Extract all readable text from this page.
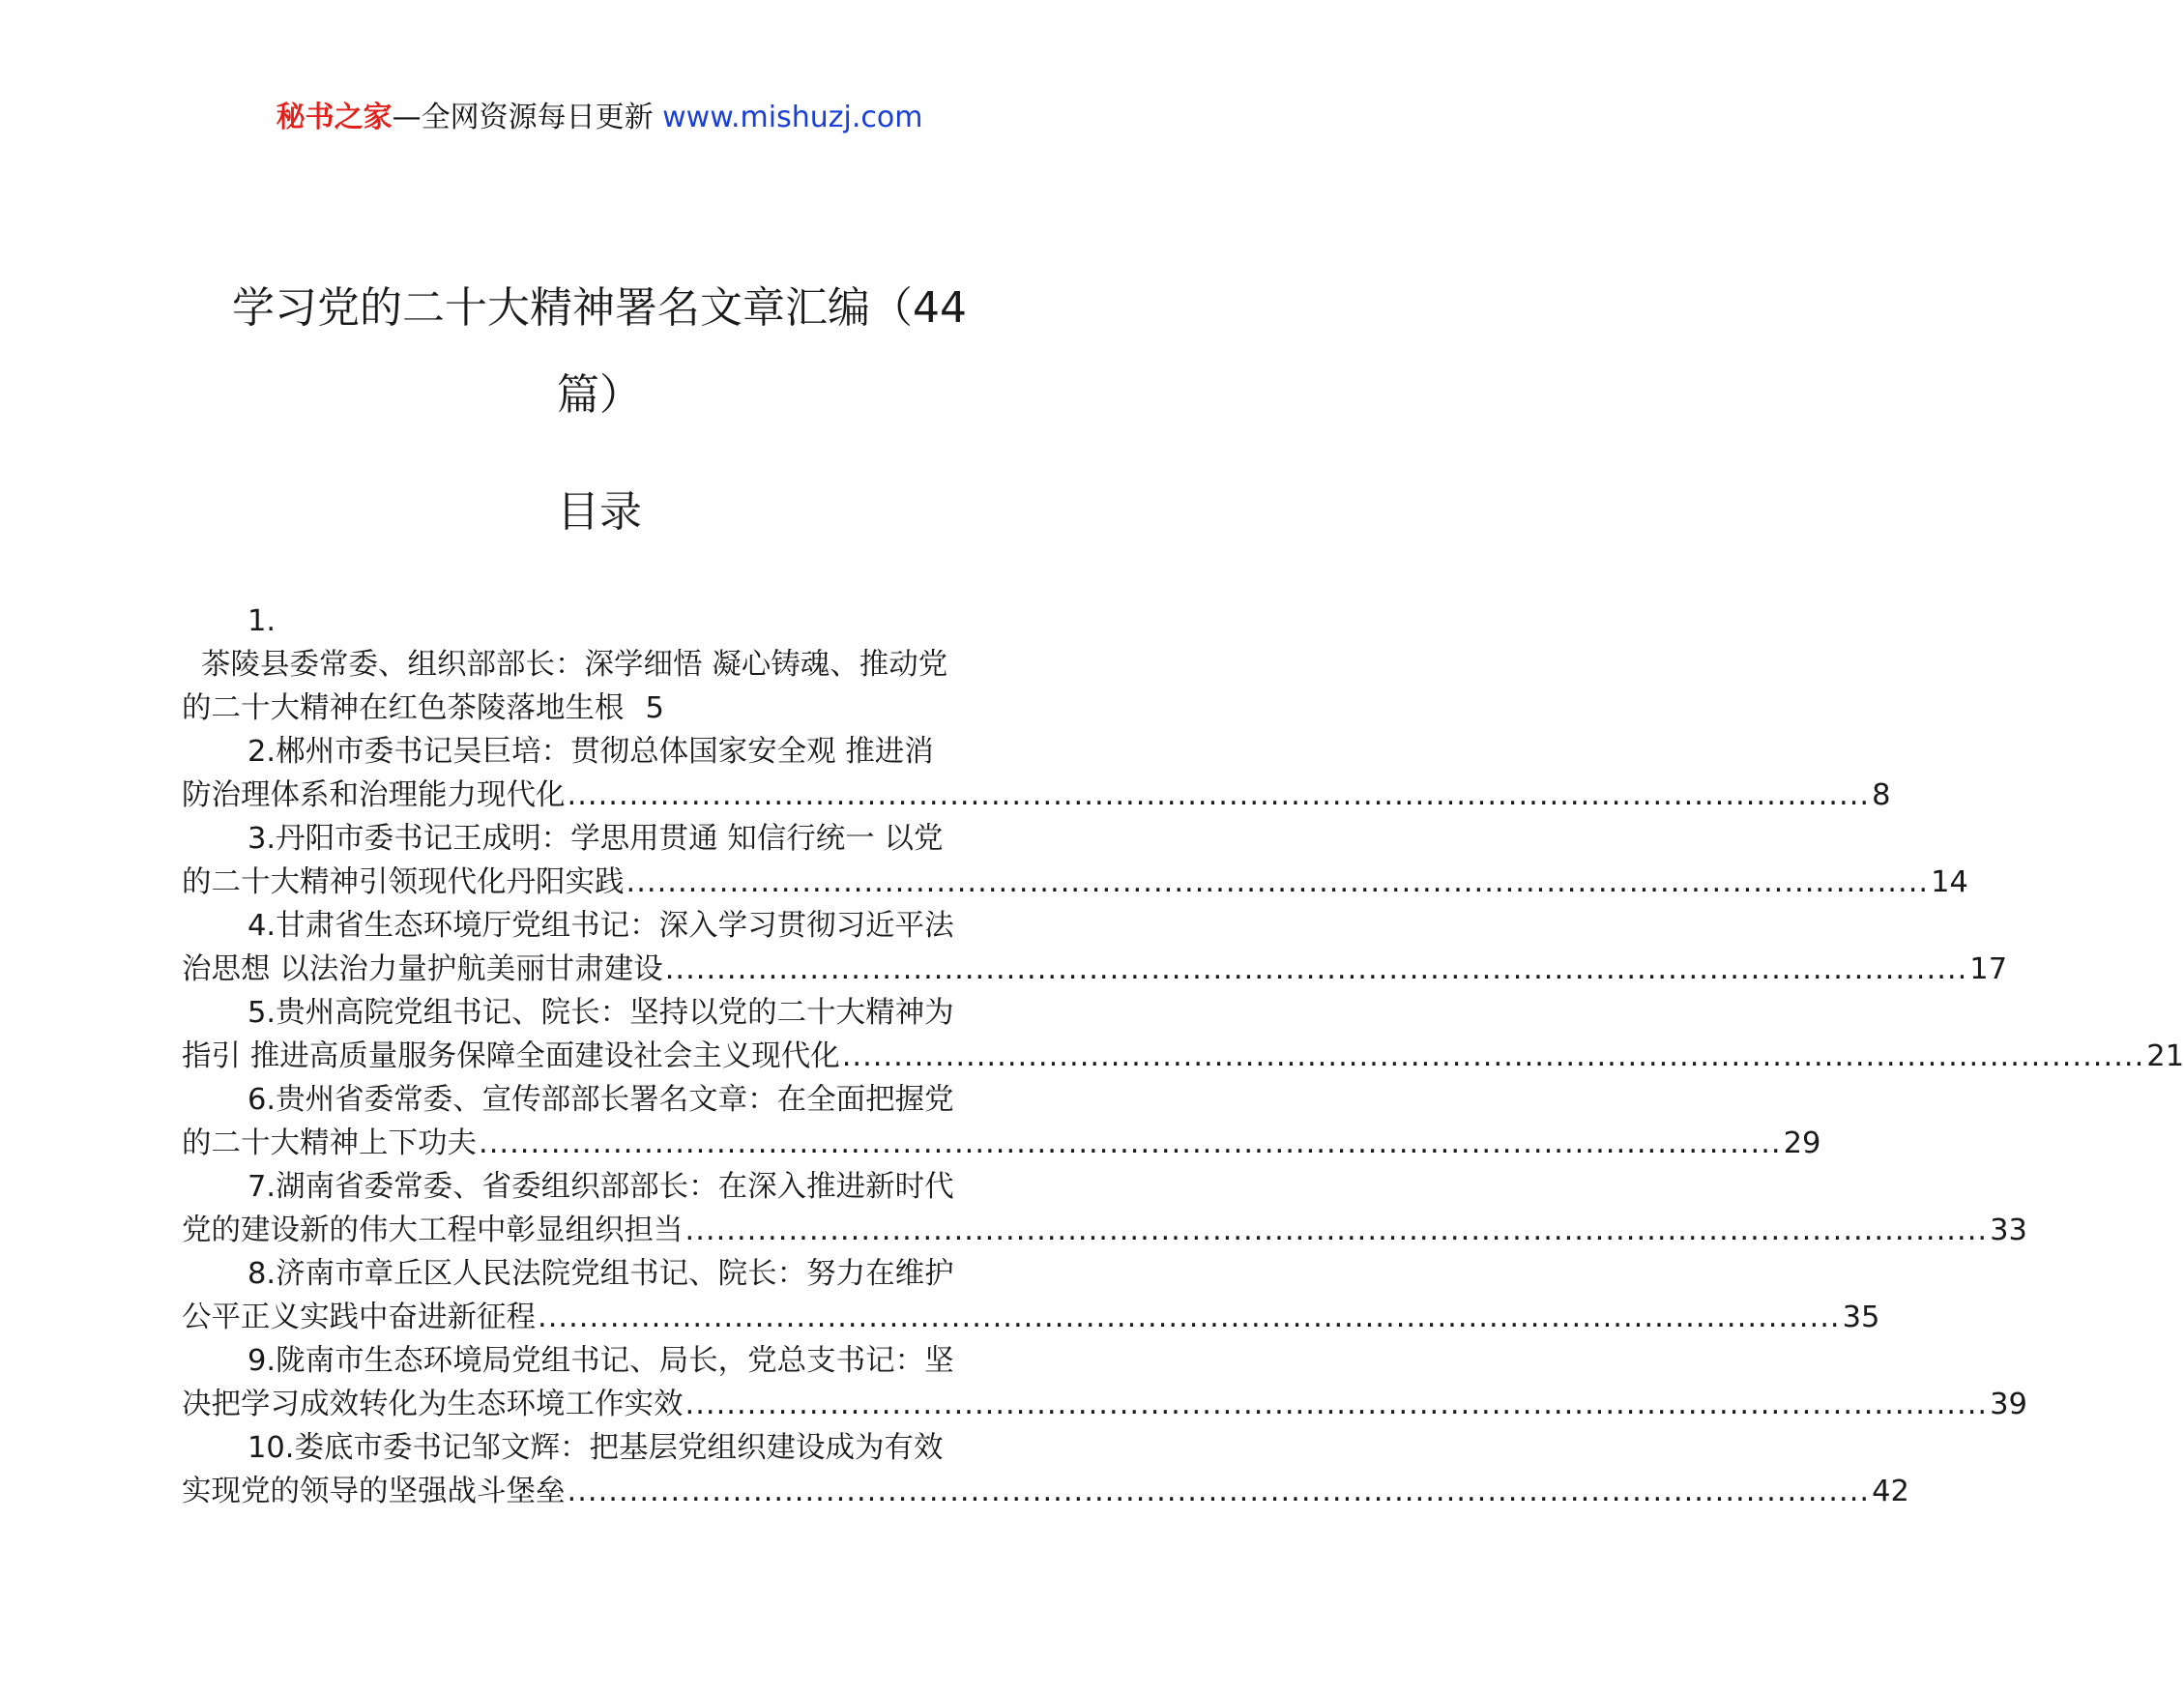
秘书之家—全网资源每日更新 www.mishuzj.com
学习党的二十大精神署名文章汇编（44
篇）
目录
1.
茶陵县委常委、组织部部长：深学细悟 凝心铸魂、推动党
的二十大精神在红色茶陵落地生根 5
2.郴州市委书记吴巨培：贯彻总体国家安全观 推进消
防治理体系和治理能力现代化 .............................................................................................................................. 8
3.丹阳市委书记王成明：学思用贯通 知信行统一 以党
的二十大精神引领现代化丹阳实践 .............................................................................................................................. 14
4.甘肃省生态环境厅党组书记：深入学习贯彻习近平法
治思想 以法治力量护航美丽甘肃建设 .............................................................................................................................. 17
5.贵州高院党组书记、院长：坚持以党的二十大精神为
指引 推进高质量服务保障全面建设社会主义现代化 .............................................................................................................................. 21
6.贵州省委常委、宣传部部长署名文章：在全面把握党
的二十大精神上下功夫 .............................................................................................................................. 29
7.湖南省委常委、省委组织部部长：在深入推进新时代
党的建设新的伟大工程中彰显组织担当 .............................................................................................................................. 33
8.济南市章丘区人民法院党组书记、院长：努力在维护
公平正义实践中奋进新征程 .............................................................................................................................. 35
9.陇南市生态环境局党组书记、局长，党总支书记：坚
决把学习成效转化为生态环境工作实效 .............................................................................................................................. 39
10.娄底市委书记邹文辉：把基层党组织建设成为有效
实现党的领导的坚强战斗堡垒 .............................................................................................................................. 42
